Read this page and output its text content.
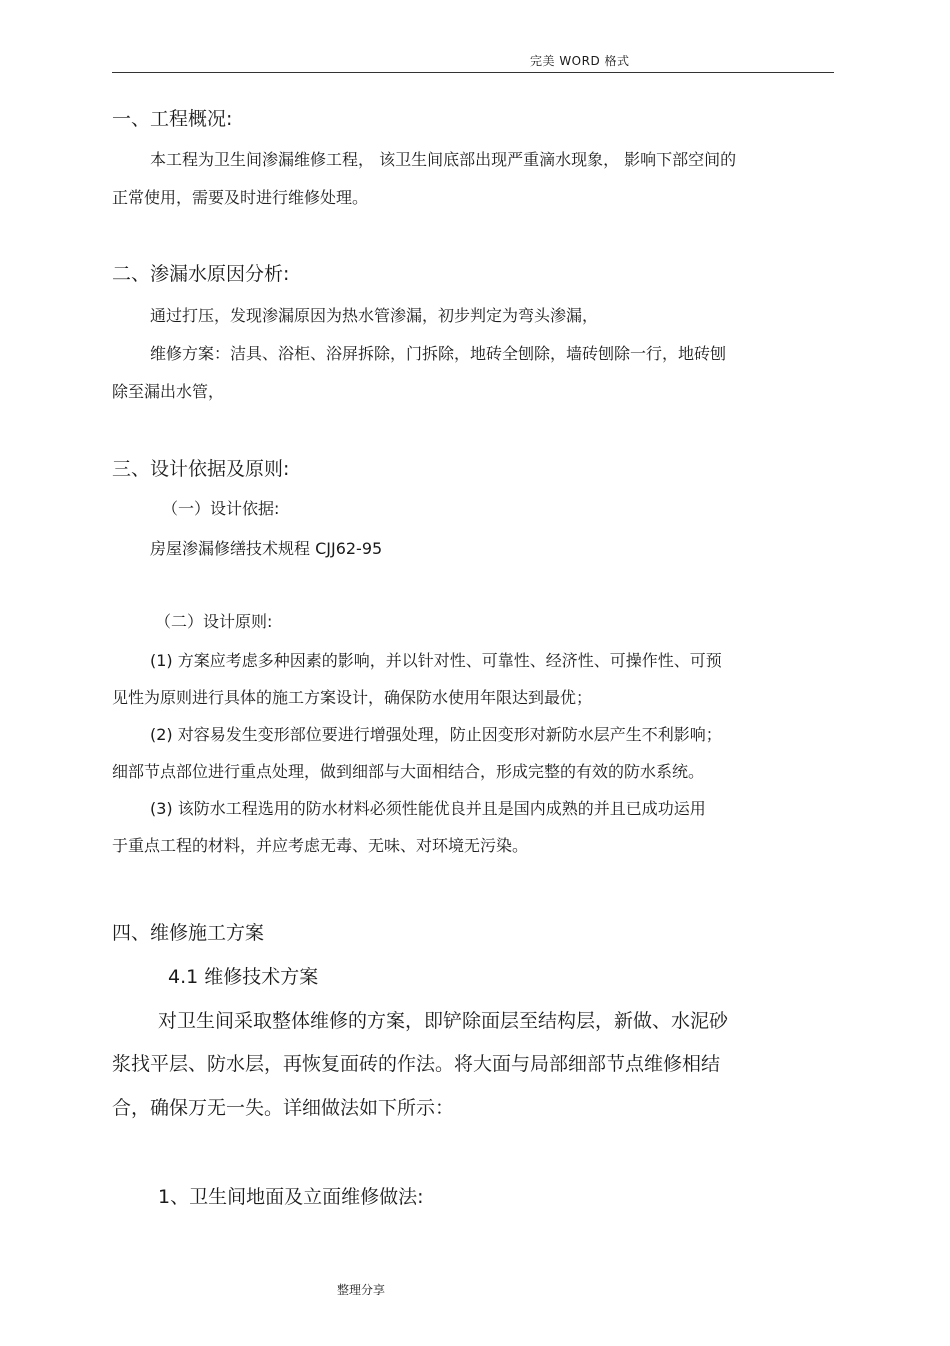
完美 WORD 格式
一、工程概况:
本工程为卫生间渗漏维修工程， 该卫生间底部出现严重滴水现象， 影响下部空间的
正常使用，需要及时进行维修处理。
二、渗漏水原因分析:
通过打压，发现渗漏原因为热水管渗漏，初步判定为弯头渗漏，
维修方案：洁具、浴柜、浴屏拆除，门拆除，地砖全刨除，墙砖刨除一行，地砖刨
除至漏出水管，
三、设计依据及原则:
（一）设计依据:
房屋渗漏修缮技术规程 CJJ62-95
（二）设计原则:
(1) 方案应考虑多种因素的影响，并以针对性、可靠性、经济性、可操作性、可预
见性为原则进行具体的施工方案设计，确保防水使用年限达到最优；
(2) 对容易发生变形部位要进行增强处理，防止因变形对新防水层产生不利影响；
细部节点部位进行重点处理，做到细部与大面相结合，形成完整的有效的防水系统。
(3) 该防水工程选用的防水材料必须性能优良并且是国内成熟的并且已成功运用
于重点工程的材料，并应考虑无毒、无味、对环境无污染。
四、维修施工方案
4.1 维修技术方案
对卫生间采取整体维修的方案，即铲除面层至结构层，新做、水泥砂
浆找平层、防水层，再恢复面砖的作法。将大面与局部细部节点维修相结
合，确保万无一失。详细做法如下所示：
1、卫生间地面及立面维修做法:
整理分享
